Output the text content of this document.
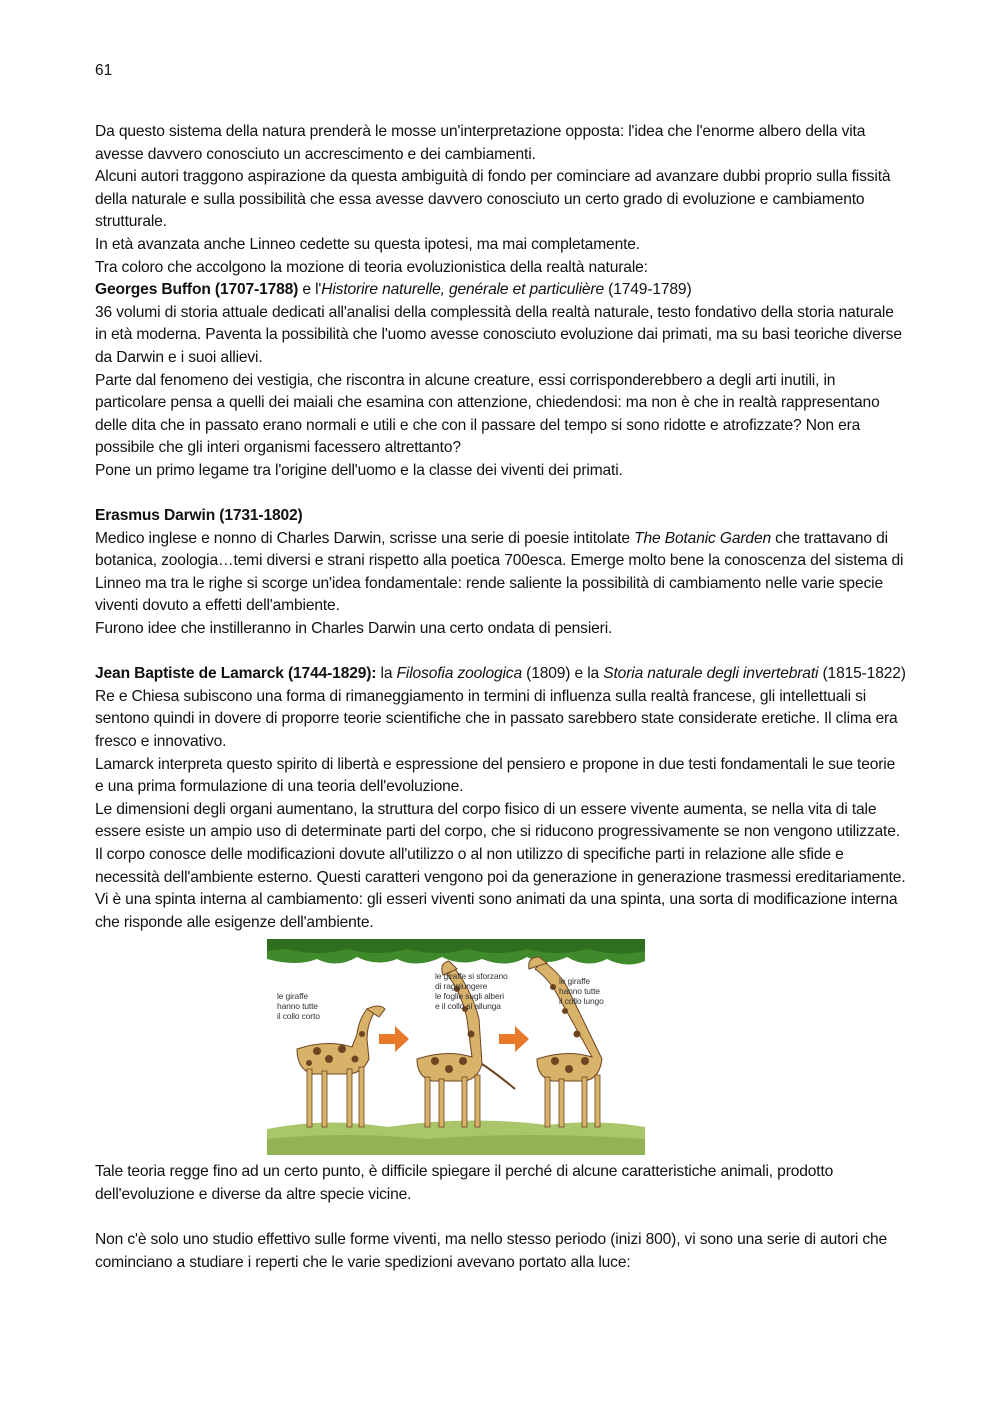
61

Da questo sistema della natura prenderà le mosse un'interpretazione opposta: l'idea che l'enorme albero della vita avesse davvero conosciuto un accrescimento e dei cambiamenti.

Alcuni autori traggono aspirazione da questa ambiguità di fondo per cominciare ad avanzare dubbi proprio sulla fissità della naturale e sulla possibilità che essa avesse davvero conosciuto un certo grado di evoluzione e cambiamento strutturale.

In età avanzata anche Linneo cedette su questa ipotesi, ma mai completamente.

Tra coloro che accolgono la mozione di teoria evoluzionistica della realtà naturale:

Georges Buffon (1707-1788) e l'Historire naturelle, genérale et particulière (1749-1789)

36 volumi di storia attuale dedicati all'analisi della complessità della realtà naturale, testo fondativo della storia naturale in età moderna. Paventa la possibilità che l'uomo avesse conosciuto evoluzione dai primati, ma su basi teoriche diverse da Darwin e i suoi allievi.

Parte dal fenomeno dei vestigia, che riscontra in alcune creature, essi corrisponderebbero a degli arti inutili, in particolare pensa a quelli dei maiali che esamina con attenzione, chiedendosi: ma non è che in realtà rappresentano delle dita che in passato erano normali e utili e che con il passare del tempo si sono ridotte e atrofizzate? Non era possibile che gli interi organismi facessero altrettanto?

Pone un primo legame tra l'origine dell'uomo e la classe dei viventi dei primati.

Erasmus Darwin (1731-1802)

Medico inglese e nonno di Charles Darwin, scrisse una serie di poesie intitolate The Botanic Garden che trattavano di botanica, zoologia…temi diversi e strani rispetto alla poetica 700esca. Emerge molto bene la conoscenza del sistema di Linneo ma tra le righe si scorge un'idea fondamentale: rende saliente la possibilità di cambiamento nelle varie specie viventi dovuto a effetti dell'ambiente.

Furono idee che instilleranno in Charles Darwin una certo ondata di pensieri.

Jean Baptiste de Lamarck (1744-1829): la Filosofia zoologica (1809) e la Storia naturale degli invertebrati (1815-1822)

Re e Chiesa subiscono una forma di rimaneggiamento in termini di influenza sulla realtà francese, gli intellettuali si sentono quindi in dovere di proporre teorie scientifiche che in passato sarebbero state considerate eretiche. Il clima era fresco e innovativo.

Lamarck interpreta questo spirito di libertà e espressione del pensiero e propone in due testi fondamentali le sue teorie e una prima formulazione di una teoria dell'evoluzione.

Le dimensioni degli organi aumentano, la struttura del corpo fisico di un essere vivente aumenta, se nella vita di tale essere esiste un ampio uso di determinate parti del corpo, che si riducono progressivamente se non vengono utilizzate. Il corpo conosce delle modificazioni dovute all'utilizzo o al non utilizzo di specifiche parti in relazione alle sfide e necessità dell'ambiente esterno. Questi caratteri vengono poi da generazione in generazione trasmessi ereditariamente.

Vi è una spinta interna al cambiamento: gli esseri viventi sono animati da una spinta, una sorta di modificazione interna che risponde alle esigenze dell'ambiente.

le giraffe hanno tutte il collo corto
le giraffe si sforzano di raggiungere le foglie sugli alberi e il collo si allunga
le giraffe hanno tutte il collo lungo

Tale teoria regge fino ad un certo punto, è difficile spiegare il perché di alcune caratteristiche animali, prodotto dell'evoluzione e diverse da altre specie vicine.

Non c'è solo uno studio effettivo sulle forme viventi, ma nello stesso periodo (inizi 800), vi sono una serie di autori che cominciano a studiare i reperti che le varie spedizioni avevano portato alla luce:
